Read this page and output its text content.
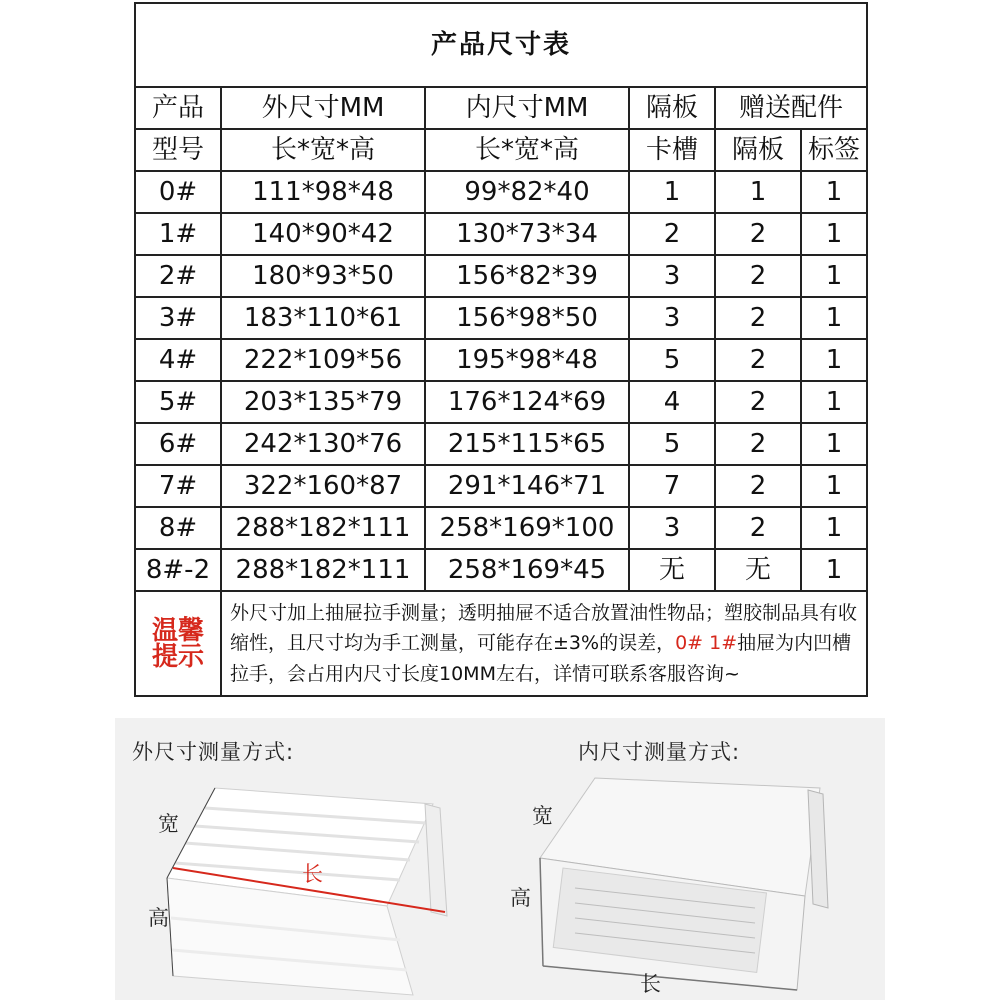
产品尺寸表					
产品	外尺寸MM	内尺寸MM	隔板	赠送配件	
型号	长*宽*高	长*宽*高	卡槽	隔板	标签
0#	111*98*48	99*82*40	1	1	1
1#	140*90*42	130*73*34	2	2	1
2#	180*93*50	156*82*39	3	2	1
3#	183*110*61	156*98*50	3	2	1
4#	222*109*56	195*98*48	5	2	1
5#	203*135*79	176*124*69	4	2	1
6#	242*130*76	215*115*65	5	2	1
7#	322*160*87	291*146*71	7	2	1
8#	288*182*111	258*169*100	3	2	1
8#-2	288*182*111	258*169*45	无	无	1
温馨
提示	外尺寸加上抽屉拉手测量；透明抽屉不适合放置油性物品；塑胶制品具有收缩性，且尺寸均为手工测量，可能存在±3%的误差，0# 1#抽屉为内凹槽拉手，会占用内尺寸长度10MM左右，详情可联系客服咨询~				
外尺寸测量方式:	内尺寸测量方式:
宽
长
高
宽
高
长
